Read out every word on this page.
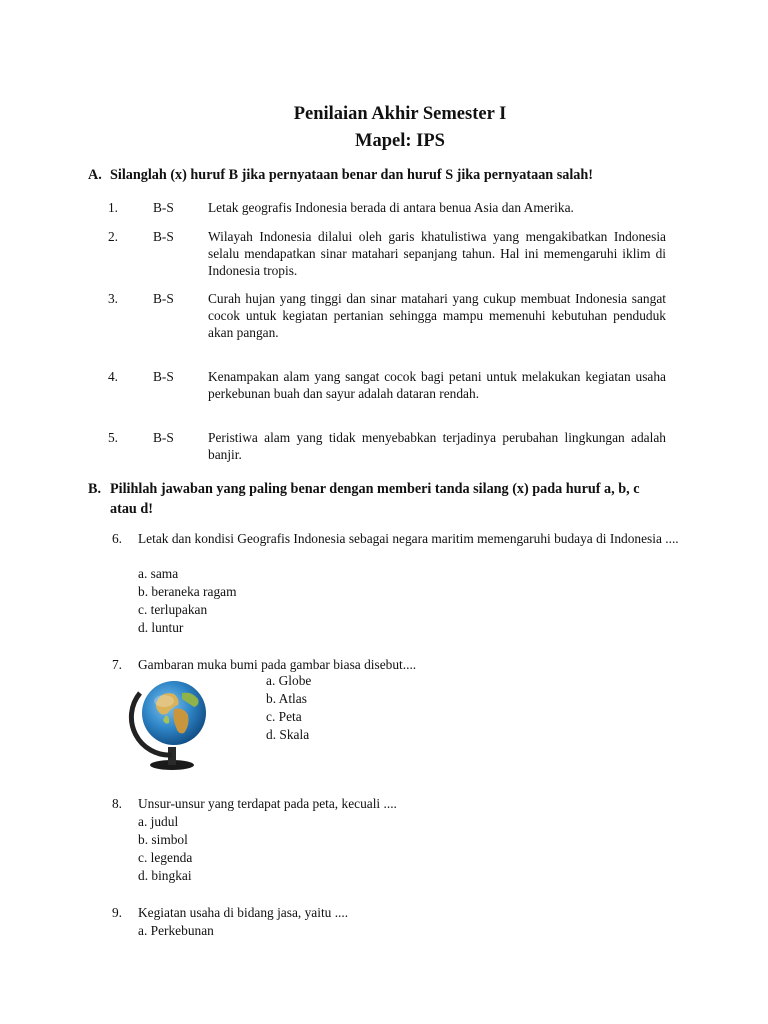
Penilaian Akhir Semester I
Mapel: IPS
A. Silanglah (x) huruf B jika pernyataan benar dan huruf S jika pernyataan salah!
1.	B-S	Letak geografis Indonesia berada di antara benua Asia dan Amerika.
2.	B-S	Wilayah Indonesia dilalui oleh garis khatulistiwa yang mengakibatkan Indonesia selalu mendapatkan sinar matahari sepanjang tahun. Hal ini memengaruhi iklim di Indonesia tropis.
3.	B-S	Curah hujan yang tinggi dan sinar matahari yang cukup membuat Indonesia sangat cocok untuk kegiatan pertanian sehingga mampu memenuhi kebutuhan penduduk akan pangan.
4.	B-S	Kenampakan alam yang sangat cocok bagi petani untuk melakukan kegiatan usaha perkebunan buah dan sayur adalah dataran rendah.
5.	B-S	Peristiwa alam yang tidak menyebabkan terjadinya perubahan lingkungan adalah banjir.
B. Pilihlah jawaban yang paling benar dengan memberi tanda silang (x) pada huruf a, b, c
atau d!
6. Letak dan kondisi Geografis Indonesia sebagai negara maritim memengaruhi budaya di Indonesia ....
a. sama
b. beraneka ragam
c. terlupakan
d. luntur
7. Gambaran muka bumi pada gambar biasa disebut....
a. Globe
b. Atlas
c. Peta
d. Skala
8. Unsur-unsur yang terdapat pada peta, kecuali ....
a. judul
b. simbol
c. legenda
d. bingkai
9. Kegiatan usaha di bidang jasa, yaitu ....
a. Perkebunan
